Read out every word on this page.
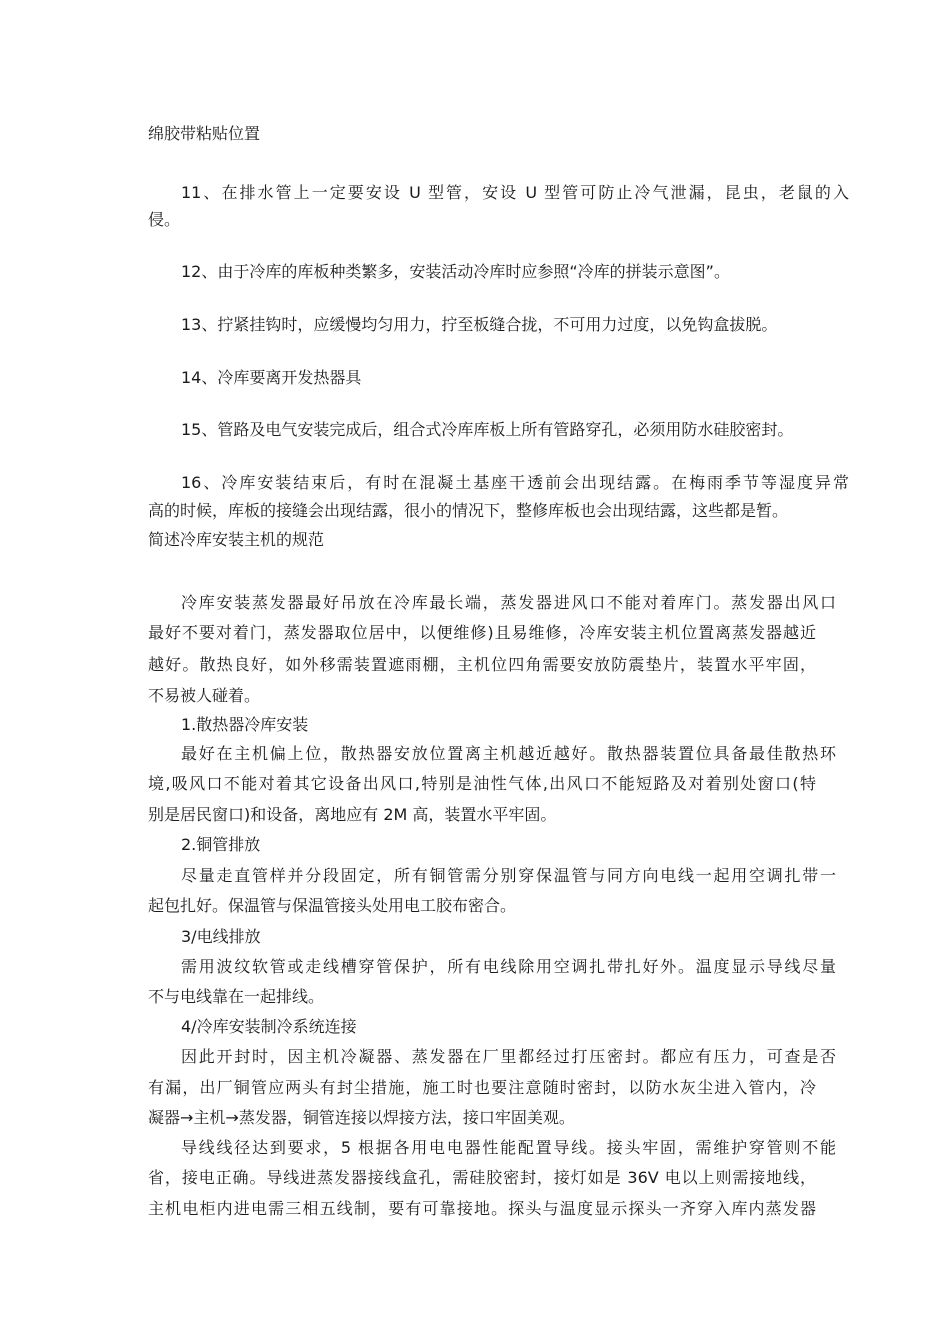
绵胶带粘贴位置
11、在排水管上一定要安设 U 型管，安设 U 型管可防止冷气泄漏，昆虫，老鼠的入
侵。
12、由于冷库的库板种类繁多，安装活动冷库时应参照“冷库的拼装示意图”。
13、拧紧挂钩时，应缓慢均匀用力，拧至板缝合拢，不可用力过度，以免钩盒拔脱。
14、冷库要离开发热器具
15、管路及电气安装完成后，组合式冷库库板上所有管路穿孔，必须用防水硅胶密封。
16、冷库安装结束后，有时在混凝土基座干透前会出现结露。在梅雨季节等湿度异常
高的时候，库板的接缝会出现结露，很小的情况下，整修库板也会出现结露，这些都是暂。
简述冷库安装主机的规范
冷库安装蒸发器最好吊放在冷库最长端，蒸发器进风口不能对着库门。蒸发器出风口
最好不要对着门，蒸发器取位居中，以便维修)且易维修，冷库安装主机位置离蒸发器越近
越好。散热良好，如外移需装置遮雨棚，主机位四角需要安放防震垫片，装置水平牢固，
不易被人碰着。
1.散热器冷库安装
最好在主机偏上位，散热器安放位置离主机越近越好。散热器装置位具备最佳散热环
境,吸风口不能对着其它设备出风口,特别是油性气体,出风口不能短路及对着别处窗口(特
别是居民窗口)和设备，离地应有 2M 高，装置水平牢固。
2.铜管排放
尽量走直管样并分段固定，所有铜管需分别穿保温管与同方向电线一起用空调扎带一
起包扎好。保温管与保温管接头处用电工胶布密合。
3/电线排放
需用波纹软管或走线槽穿管保护，所有电线除用空调扎带扎好外。温度显示导线尽量
不与电线靠在一起排线。
4/冷库安装制冷系统连接
因此开封时，因主机冷凝器、蒸发器在厂里都经过打压密封。都应有压力，可查是否
有漏，出厂铜管应两头有封尘措施，施工时也要注意随时密封，以防水灰尘进入管内，冷
凝器→主机→蒸发器，铜管连接以焊接方法，接口牢固美观。
导线线径达到要求，5 根据各用电电器性能配置导线。接头牢固，需维护穿管则不能
省，接电正确。导线进蒸发器接线盒孔，需硅胶密封，接灯如是 36V 电以上则需接地线，
主机电柜内进电需三相五线制，要有可靠接地。探头与温度显示探头一齐穿入库内蒸发器
